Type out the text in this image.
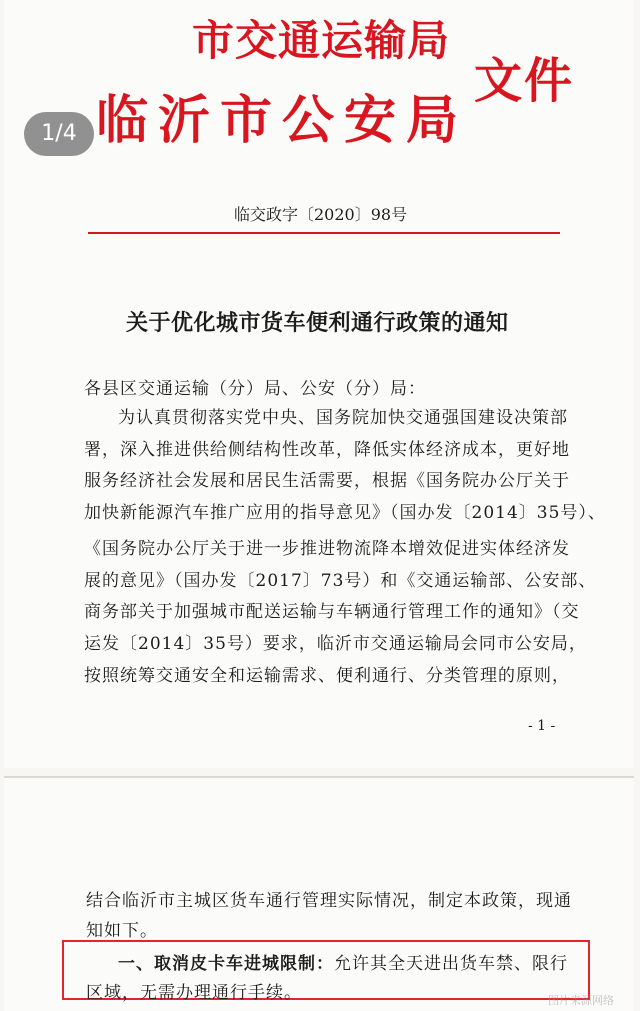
市交通运输局
临沂市公安局
文件
临交政字〔2020〕98号
关于优化城市货车便利通行政策的通知
各县区交通运输（分）局、公安（分）局：
为认真贯彻落实党中央、国务院加快交通强国建设决策部
署，深入推进供给侧结构性改革，降低实体经济成本，更好地
服务经济社会发展和居民生活需要，根据《国务院办公厅关于
加快新能源汽车推广应用的指导意见》（国办发〔2014〕35号）、
《国务院办公厅关于进一步推进物流降本增效促进实体经济发
展的意见》（国办发〔2017〕73号）和《交通运输部、公安部、
商务部关于加强城市配送运输与车辆通行管理工作的通知》（交
运发〔2014〕35号）要求，临沂市交通运输局会同市公安局，
按照统筹交通安全和运输需求、便利通行、分类管理的原则，
- 1 -
1/4
结合临沂市主城区货车通行管理实际情况，制定本政策，现通
知如下。
一、取消皮卡车进城限制：允许其全天进出货车禁、限行
区域，无需办理通行手续。	图片来源网络
